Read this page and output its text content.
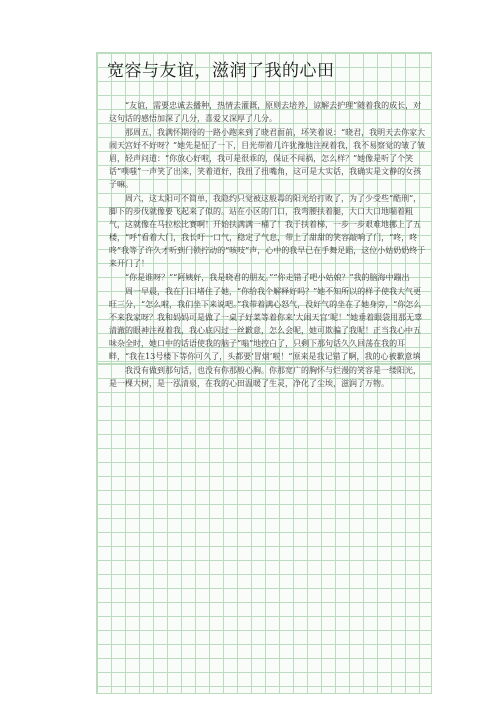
宽容与友谊，滋润了我的心田

“友谊，需要忠诚去播种，热情去灌溉，原则去培养，谅解去护理”随着我的成长，对这句话的感悟加深了几分，喜爱又深厚了几分。

那周五，我满怀期待的一路小跑来到了晓君面前，坏笑着说：“晓君，我明天去你家大闹天宫好不好呀？”她先是怔了一下，目光带着几许犹豫地注视着我，我不易察觉的皱了皱眉，轻声问道：“你放心好啦，我可是很乖的，保证不闯祸，怎么样？”她像是听了个笑话“噗嗤”一声笑了出来，笑着道好，我扭了扭嘴角，这可是大实话，我确实是文静的女孩子嘛。

周六，这太阳可不简单，我隐约只觉被这般毒的阳光给打败了，为了少受些“酷刑”，脚下的步伐就像要飞起来了似的。站在小区的门口，我弯腰扶着腿，大口大口地喘着粗气，这就像在马拉松比赛啊！开始扶满满一桶了！我于扶着梯，一步一步艰难地挪上了五楼，“呼”看着大门，我长吁一口气，稳定了气息，带上了甜甜的笑容敲响了门，“咚，咚咚”我等了许久才听到门锁拧动的“咳吱”声，心中的我早已在手舞足蹈，这位小姑奶奶终于来开门了！

“你是谁呀？”“阿姨好，我是晓君的朋友。”“你走错了吧小姑娘？”我的脑海中蹦出

周一早晨，我在门口堵住了她，“你给我个解释好吗？”她不知所以的样子使我大气更旺三分，“怎么啦，我们坐下来说吧。”我带着满心怒气，没好气的坐在了她身旁，“你怎么不来我家呀？我和妈妈可是做了一桌子好菜等着你来‘大闹天宫’呢！”她垂着眼袋用那无辜清澈的眼神注视着我，我心底闪过一丝歉意，怎么会呢，她可欺骗了我呢！正当我心中五味杂全时，她口中的话语使我的脑子“嗡”地控白了，只剩下那句话久久回荡在我的耳畔，“我在13号楼下等你可久了，头都要‘冒烟’啦！”原来是我记错了啊，我的心被歉意填

我没有做到那句话，也没有你那般心胸。你那宽广的胸怀与烂漫的笑容是一缕阳光，是一棵大树，是一泓清泉，在我的心田温暖了生灵，净化了尘埃，滋润了万物。
